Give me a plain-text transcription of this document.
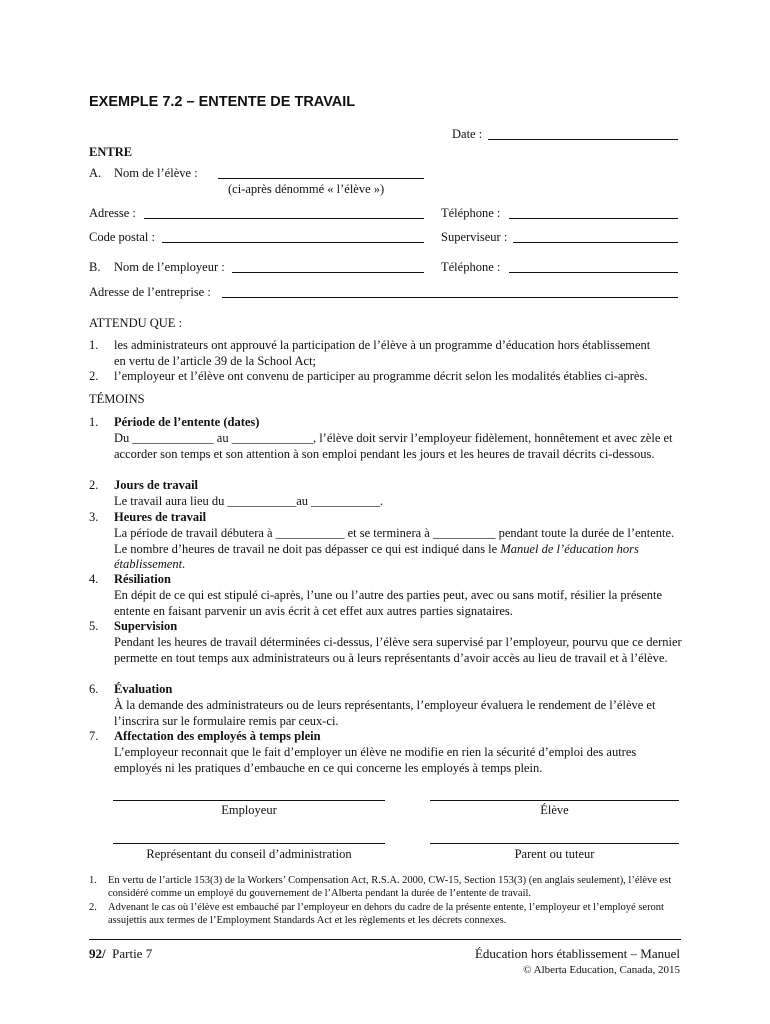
EXEMPLE 7.2 – ENTENTE DE TRAVAIL
Date :
ENTRE
A. Nom de l’élève :
(ci-après dénommé « l’élève »)
Adresse :	Téléphone :
Code postal :	Superviseur :
B. Nom de l’employeur :	Téléphone :
Adresse de l’entreprise :
ATTENDU QUE :
1. les administrateurs ont approuvé la participation de l’élève à un programme d’éducation hors établissement en vertu de l’article 39 de la School Act;
2. l’employeur et l’élève ont convenu de participer au programme décrit selon les modalités établies ci-après.
TÉMOINS
1. Période de l’entente (dates)
Du _____________ au _____________, l’élève doit servir l’employeur fidèlement, honnêtement et avec zèle et accorder son temps et son attention à son emploi pendant les jours et les heures de travail décrits ci-dessous.
2. Jours de travail
Le travail aura lieu du ___________au ___________.
3. Heures de travail
La période de travail débutera à ___________ et se terminera à __________ pendant toute la durée de l’entente. Le nombre d’heures de travail ne doit pas dépasser ce qui est indiqué dans le Manuel de l’éducation hors établissement.
4. Résiliation
En dépit de ce qui est stipulé ci-après, l’une ou l’autre des parties peut, avec ou sans motif, résilier la présente entente en faisant parvenir un avis écrit à cet effet aux autres parties signataires.
5. Supervision
Pendant les heures de travail déterminées ci-dessus, l’élève sera supervisé par l’employeur, pourvu que ce dernier permette en tout temps aux administrateurs ou à leurs représentants d’avoir accès au lieu de travail et à l’élève.
6. Évaluation
À la demande des administrateurs ou de leurs représentants, l’employeur évaluera le rendement de l’élève et l’inscrira sur le formulaire remis par ceux-ci.
7. Affectation des employés à temps plein
L’employeur reconnait que le fait d’employer un élève ne modifie en rien la sécurité d’emploi des autres employés ni les pratiques d’embauche en ce qui concerne les employés à temps plein.
Employeur	Élève
Représentant du conseil d’administration	Parent ou tuteur
1. En vertu de l’article 153(3) de la Workers’ Compensation Act, R.S.A. 2000, CW-15, Section 153(3) (en anglais seulement), l’élève est considéré comme un employé du gouvernement de l’Alberta pendant la durée de l’entente de travail.
2. Advenant le cas où l’élève est embauché par l’employeur en dehors du cadre de la présente entente, l’employeur et l’employé seront assujettis aux termes de l’Employment Standards Act et les règlements et les décrets connexes.
92/ Partie 7	Éducation hors établissement – Manuel
© Alberta Education, Canada, 2015
